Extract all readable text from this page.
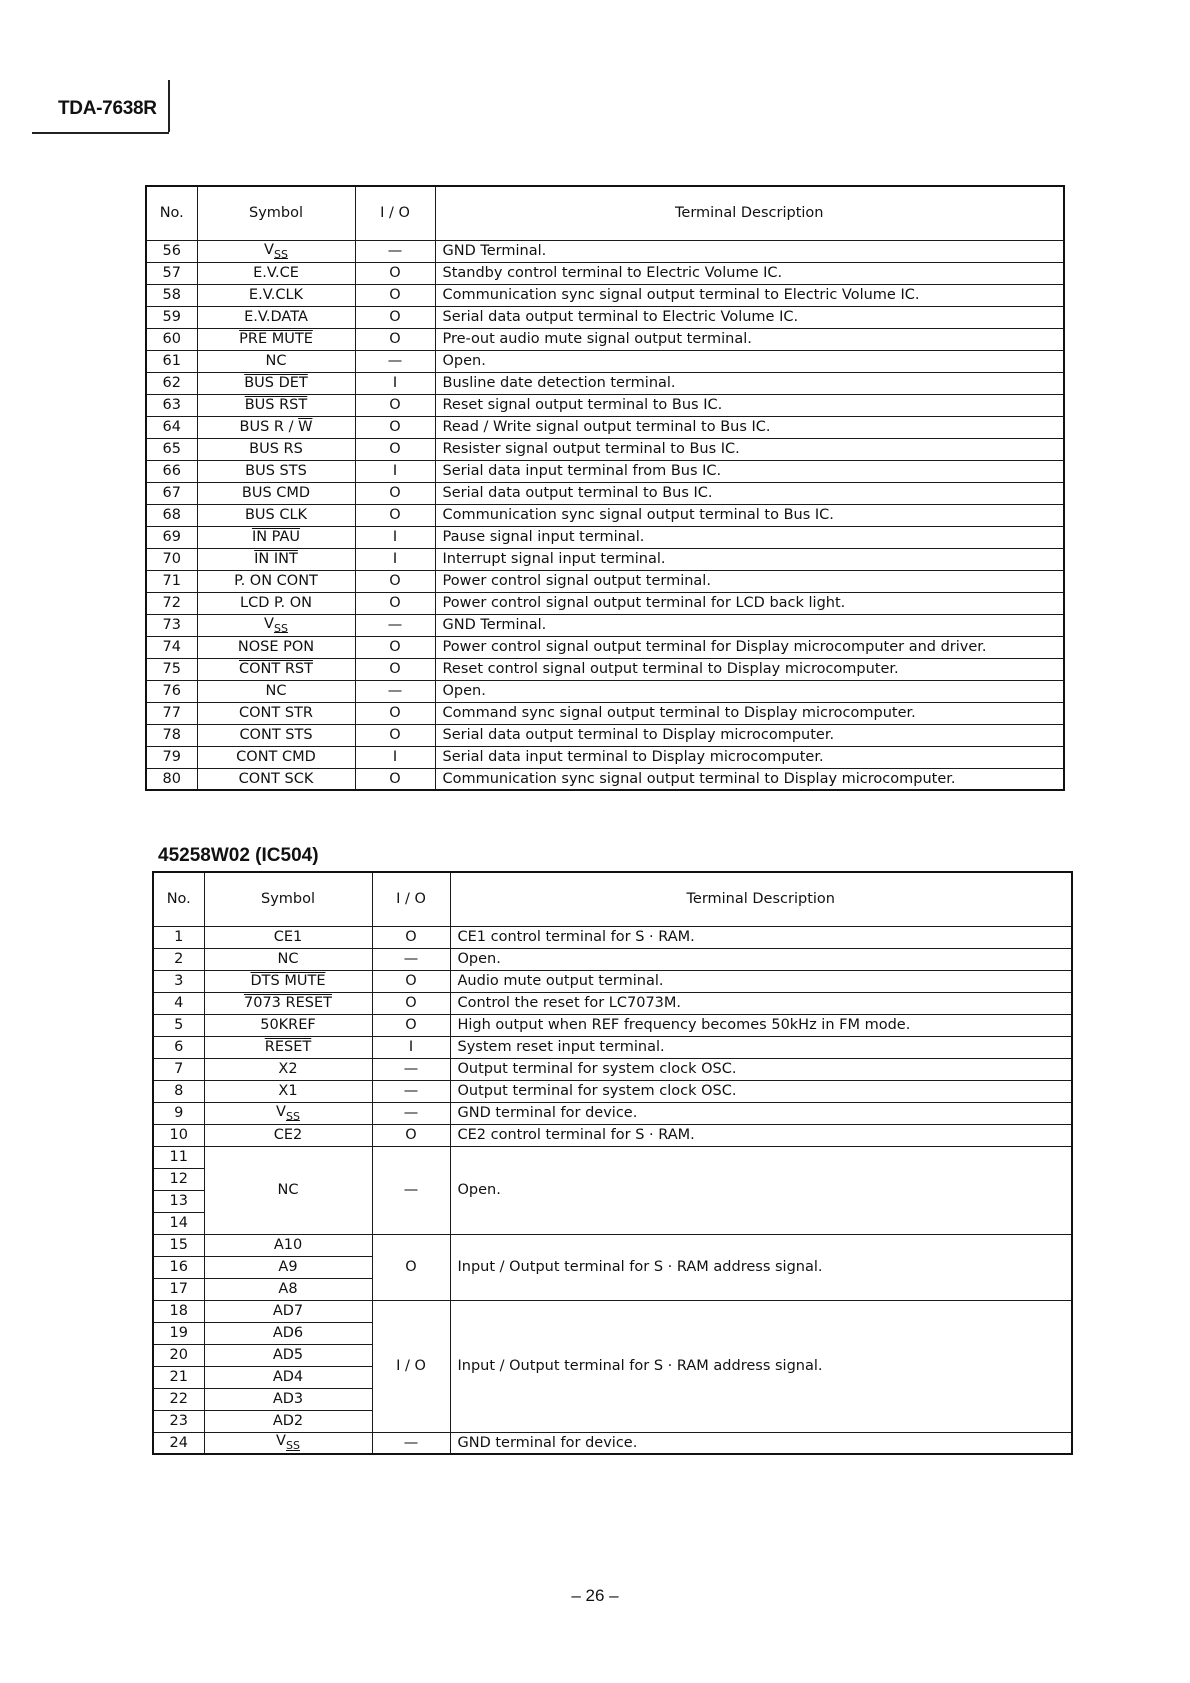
TDA-7638R
No.	Symbol	I / O	Terminal Description
56	$V_{SS}$	—	GND Terminal.
57	E.V.CE	O	Standby control terminal to Electric Volume IC.
58	E.V.CLK	O	Communication sync signal output terminal to Electric Volume IC.
59	E.V.DATA	O	Serial data output terminal to Electric Volume IC.
60	PRE MUTE	O	Pre-out audio mute signal output terminal.
61	NC	—	Open.
62	BUS DET	I	Busline date detection terminal.
63	BUS RST	O	Reset signal output terminal to Bus IC.
64	BUS R / $\overline{W}$	O	Read / Write signal output terminal to Bus IC.
65	BUS RS	O	Resister signal output terminal to Bus IC.
66	BUS STS	I	Serial data input terminal from Bus IC.
67	BUS CMD	O	Serial data output terminal to Bus IC.
68	BUS CLK	O	Communication sync signal output terminal to Bus IC.
69	IN PAU	I	Pause signal input terminal.
70	IN INT	I	Interrupt signal input terminal.
71	P. ON CONT	O	Power control signal output terminal.
72	LCD P. ON	O	Power control signal output terminal for LCD back light.
73	$V_{SS}$	—	GND Terminal.
74	NOSE PON	O	Power control signal output terminal for Display microcomputer and driver.
75	CONT RST	O	Reset control signal output terminal to Display microcomputer.
76	NC	—	Open.
77	CONT STR	O	Command sync signal output terminal to Display microcomputer.
78	CONT STS	O	Serial data output terminal to Display microcomputer.
79	CONT CMD	I	Serial data input terminal to Display microcomputer.
80	CONT SCK	O	Communication sync signal output terminal to Display microcomputer.
45258W02 (IC504)
No.	Symbol	I / O	Terminal Description
1	CE1	O	CE1 control terminal for S · RAM.
2	NC	—	Open.
3	DTS MUTE	O	Audio mute output terminal.
4	7073 RESET	O	Control the reset for LC7073M.
5	50KREF	O	High output when REF frequency becomes 50kHz in FM mode.
6	RESET	I	System reset input terminal.
7	X2	—	Output terminal for system clock OSC.
8	X1	—	Output terminal for system clock OSC.
9	$V_{SS}$	—	GND terminal for device.
10	CE2	O	CE2 control terminal for S · RAM.
11	NC	—	Open.
12			
13			
14			
15	A10	O	Input / Output terminal for S · RAM address signal.
16	A9		
17	A8		
18	AD7	I / O	Input / Output terminal for S · RAM address signal.
19	AD6		
20	AD5		
21	AD4		
22	AD3		
23	AD2		
24	$V_{SS}$	—	GND terminal for device.
– 26 –
